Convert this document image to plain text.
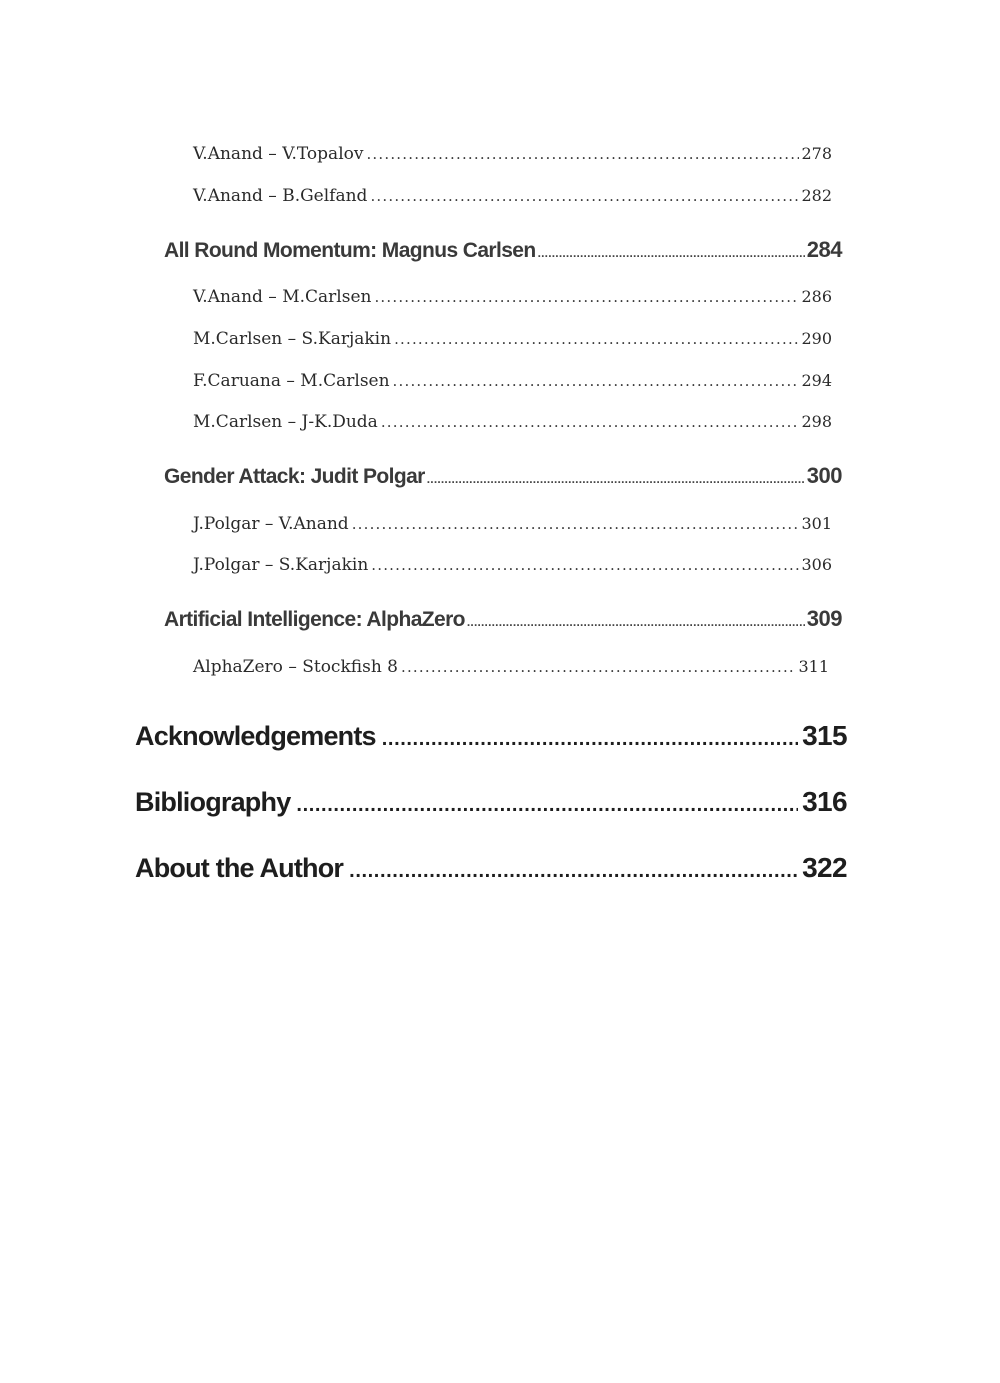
V.Anand – V.Topalov .....	278
V.Anand – B.Gelfand .....	282
All Round Momentum: Magnus Carlsen .....	284
V.Anand – M.Carlsen .....	286
M.Carlsen – S.Karjakin .....	290
F.Caruana – M.Carlsen .....	294
M.Carlsen – J-K.Duda .....	298
Gender Attack: Judit Polgar .....	300
J.Polgar – V.Anand .....	301
J.Polgar – S.Karjakin .....	306
Artificial Intelligence: AlphaZero .....	309
AlphaZero – Stockfish 8 .....	311
Acknowledgements .....	315
Bibliography .....	316
About the Author .....	322
